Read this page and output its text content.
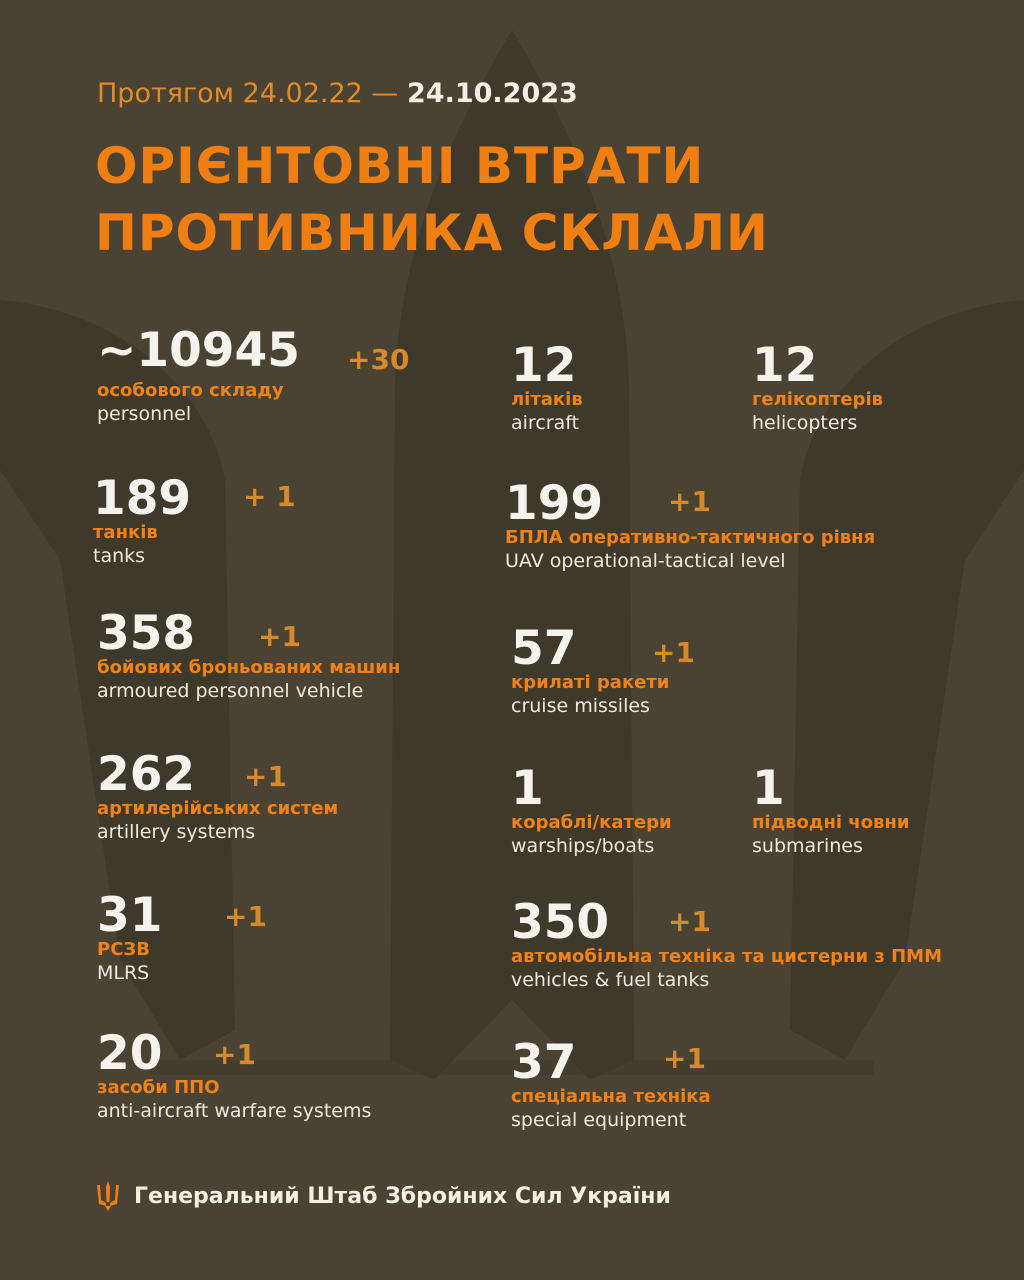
Протягом 24.02.22 — 24.10.2023
ОРІЄНТОВНІ ВТРАТИ
ПРОТИВНИКА СКЛАЛИ
~10945
особового складу
personnel
+30
189
танків
tanks
+ 1
358
бойових броньованих машин
armoured personnel vehicle
+1
262
артилерійських систем
artillery systems
+1
31
РСЗВ
MLRS
+1
20
засоби ППО
anti-aircraft warfare systems
+1
12
літаків
aircraft
12
гелікоптерів
helicopters
199
БПЛА оперативно-тактичного рівня
UAV operational-tactical level
+1
57
крилаті ракети
cruise missiles
+1
1
кораблі/катери
warships/boats
1
підводні човни
submarines
350
автомобільна техніка та цистерни з ПММ
vehicles & fuel tanks
+1
37
спеціальна техніка
special equipment
+1
Генеральний Штаб Збройних Сил України
